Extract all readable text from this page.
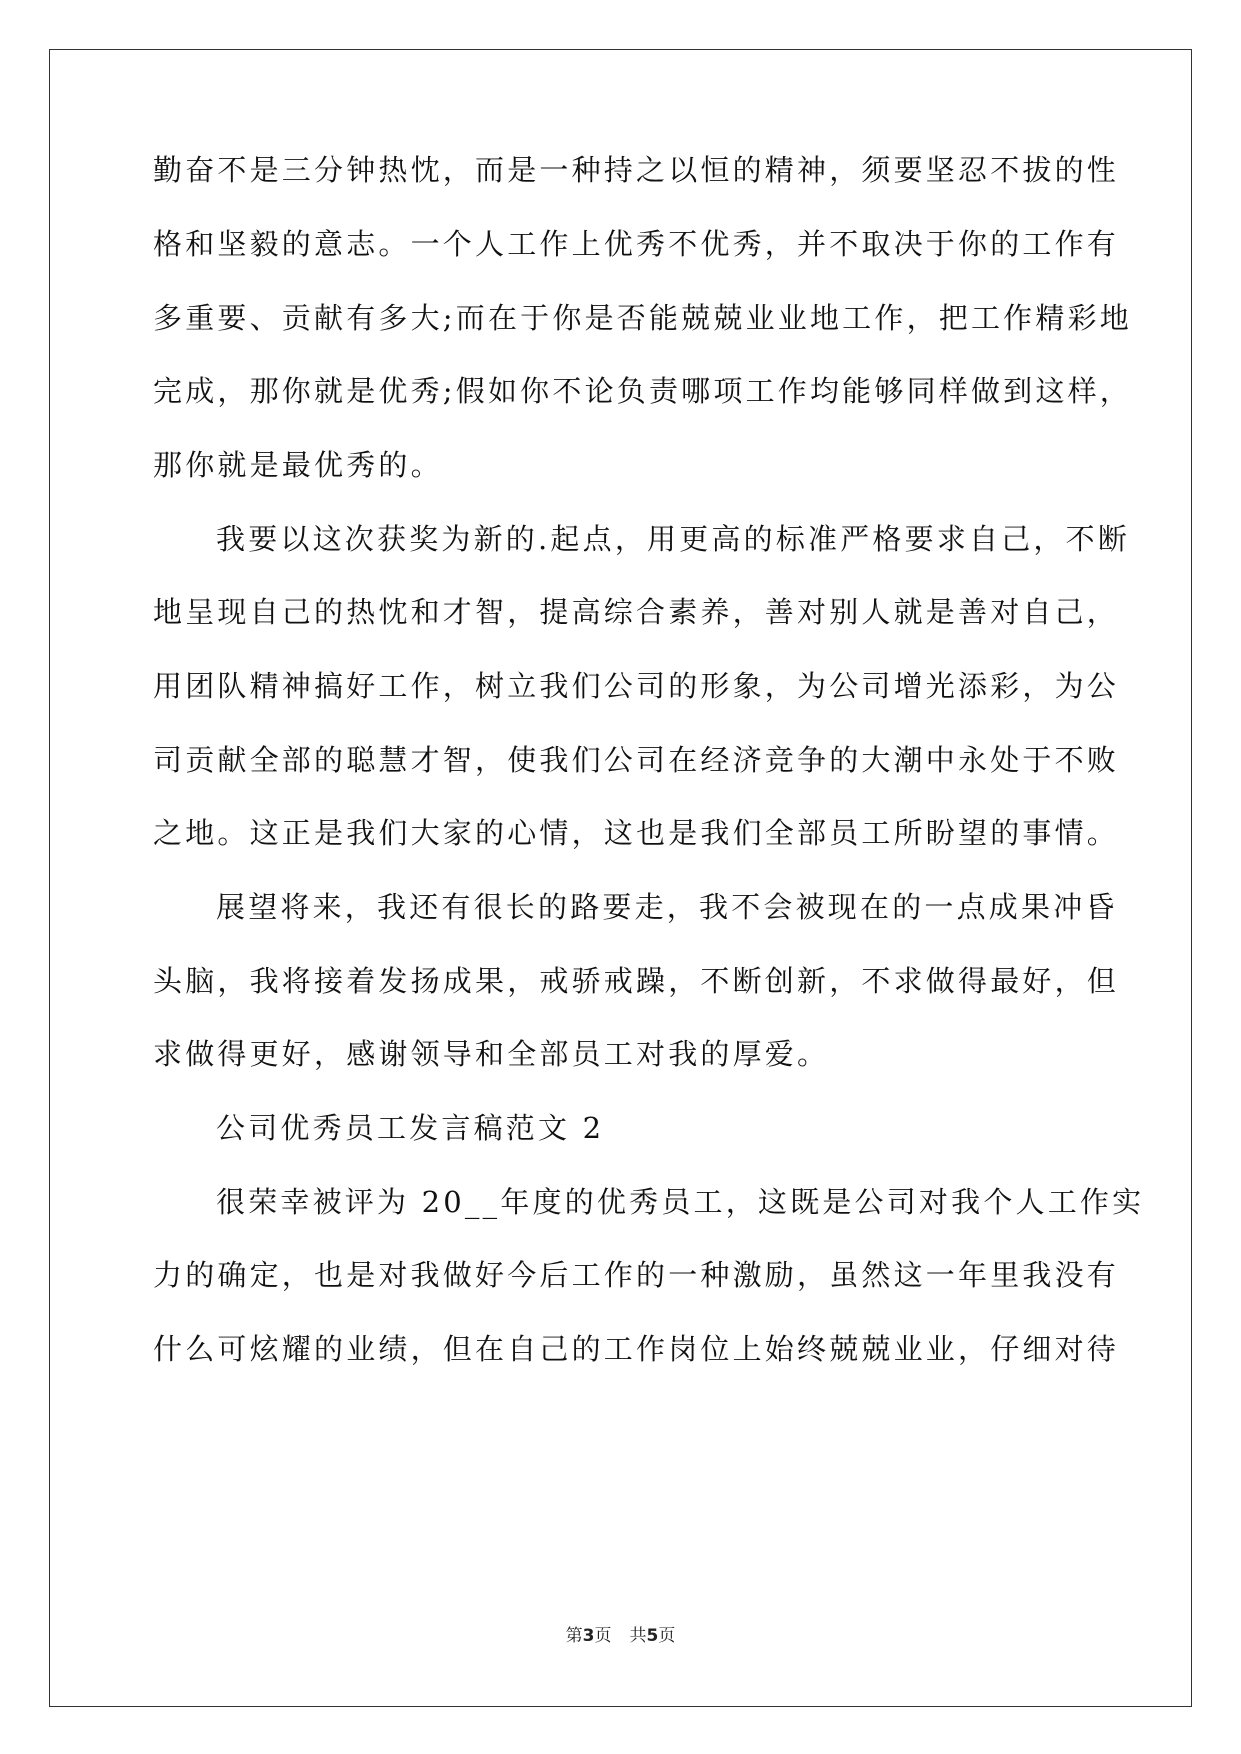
勤奋不是三分钟热忱，而是一种持之以恒的精神，须要坚忍不拔的性
格和坚毅的意志。一个人工作上优秀不优秀，并不取决于你的工作有
多重要、贡献有多大;而在于你是否能兢兢业业地工作，把工作精彩地
完成，那你就是优秀;假如你不论负责哪项工作均能够同样做到这样，
那你就是最优秀的。
我要以这次获奖为新的.起点，用更高的标准严格要求自己，不断
地呈现自己的热忱和才智，提高综合素养，善对别人就是善对自己，
用团队精神搞好工作，树立我们公司的形象，为公司增光添彩，为公
司贡献全部的聪慧才智，使我们公司在经济竞争的大潮中永处于不败
之地。这正是我们大家的心情，这也是我们全部员工所盼望的事情。
展望将来，我还有很长的路要走，我不会被现在的一点成果冲昏
头脑，我将接着发扬成果，戒骄戒躁，不断创新，不求做得最好，但
求做得更好，感谢领导和全部员工对我的厚爱。
公司优秀员工发言稿范文 2
很荣幸被评为 20__年度的优秀员工，这既是公司对我个人工作实
力的确定，也是对我做好今后工作的一种激励，虽然这一年里我没有
什么可炫耀的业绩，但在自己的工作岗位上始终兢兢业业，仔细对待
第3页 共5页
